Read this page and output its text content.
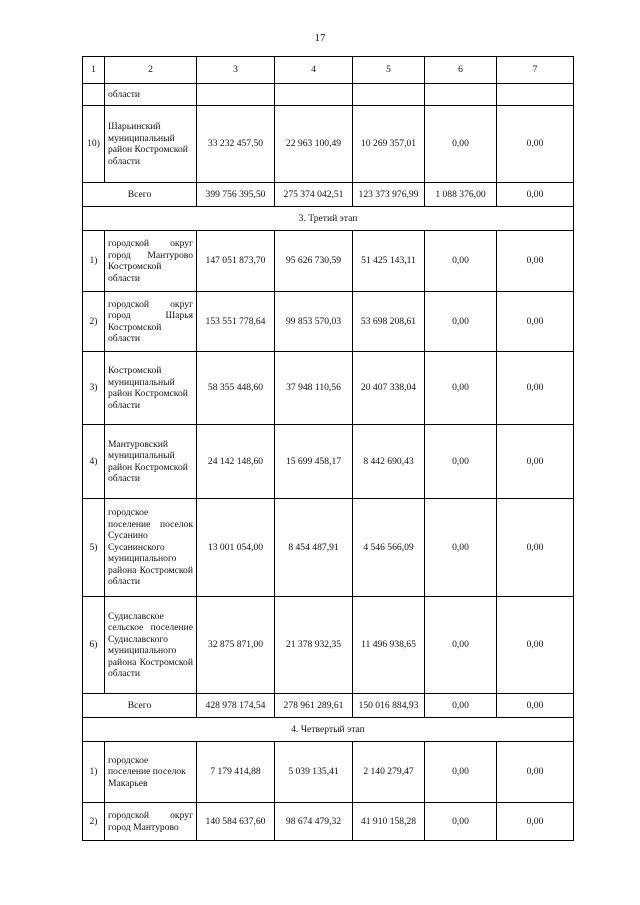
17
1	2	3	4	5	6	7
	области					
10)	Шарьинский муниципальный район Костромской области	33 232 457,50	22 963 100,49	10 269 357,01	0,00	0,00
Всего		399 756 395,50	275 374 042,51	123 373 976,99	1 088 376,00	0,00
3. Третий этап						
1)	городской округ город Мантурово Костромской области	147 051 873,70	95 626 730,59	51 425 143,11	0,00	0,00
2)	городской округ город Шарья Костромской области	153 551 778,64	99 853 570,03	53 698 208,61	0,00	0,00
3)	Костромской муниципальный район Костромской области	58 355 448,60	37 948 110,56	20 407 338,04	0,00	0,00
4)	Мантуровский муниципальный район Костромской области	24 142 148,60	15 699 458,17	8 442 690,43	0,00	0,00
5)	городское поселение поселок Сусанино Сусанинского муниципального района Костромской области	13 001 054,00	8 454 487,91	4 546 566,09	0,00	0,00
6)	Судиславское сельское поселение Судиславского муниципального района Костромской области	32 875 871,00	21 378 932,35	11 496 938,65	0,00	0,00
Всего		428 978 174,54	278 961 289,61	150 016 884,93	0,00	0,00
4. Четвертый этап						
1)	городское поселение поселок Макарьев	7 179 414,88	5 039 135,41	2 140 279,47	0,00	0,00
2)	городской округ город Мантурово	140 584 637,60	98 674 479,32	41 910 158,28	0,00	0,00
